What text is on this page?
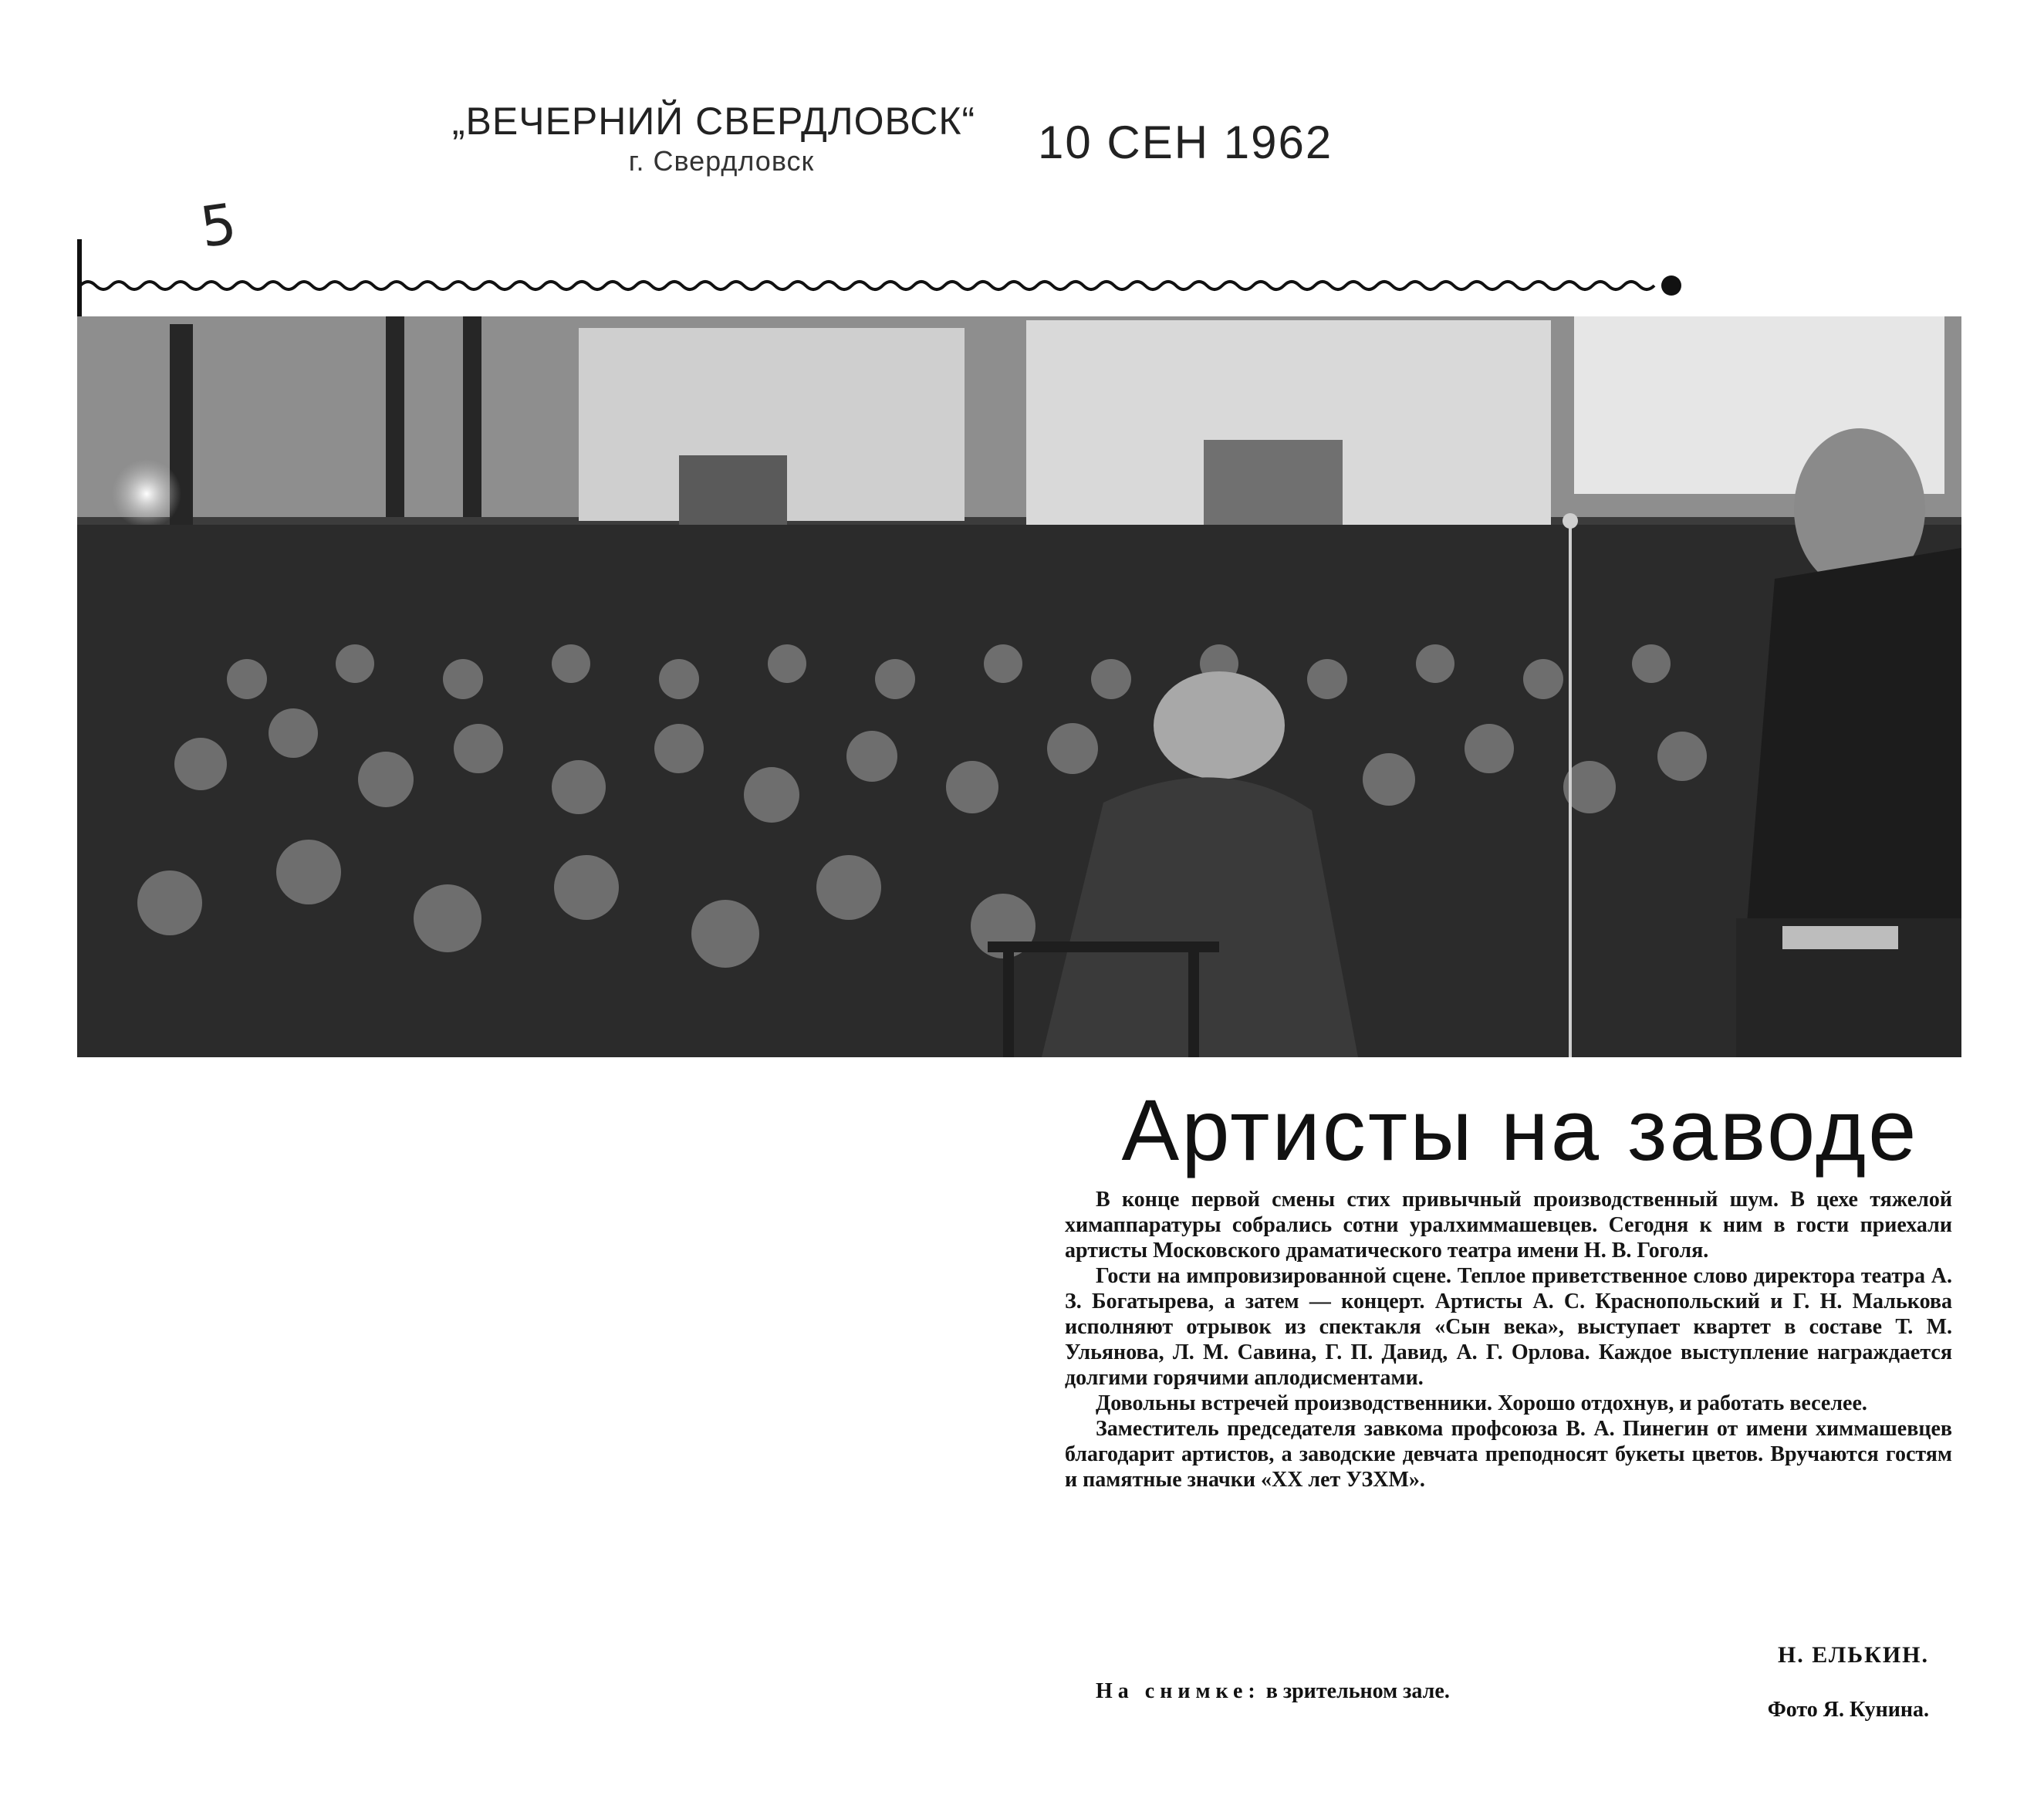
„ВЕЧЕРНИЙ СВЕРДЛОВСК“
г. Свердловск	10 СЕН 1962
5
Артисты на заводе

В конце первой смены стих привычный производственный шум. В цехе тяжелой химаппаратуры собрались сотни уралхиммашевцев. Сегодня к ним в гости приехали артисты Московского драматического театра имени Н. В. Гоголя.

Гости на импровизированной сцене. Теплое приветственное слово директора театра А. З. Богатырева, а затем — концерт. Артисты А. С. Краснопольский и Г. Н. Малькова исполняют отрывок из спектакля «Сын века», выступает квартет в составе Т. М. Ульянова, Л. М. Савина, Г. П. Давид, А. Г. Орлова. Каждое выступление награждается долгими горячими аплодисментами.

Довольны встречей производственники. Хорошо отдохнув, и работать веселее.

Заместитель председателя завкома профсоюза В. А. Пинегин от имени химмашевцев благодарит артистов, а заводские девчата преподносят букеты цветов. Вручаются гостям и памятные значки «XX лет УЗХМ».

Н. ЕЛЬКИН.
На снимке: в зрительном зале.
Фото Я. Кунина.
